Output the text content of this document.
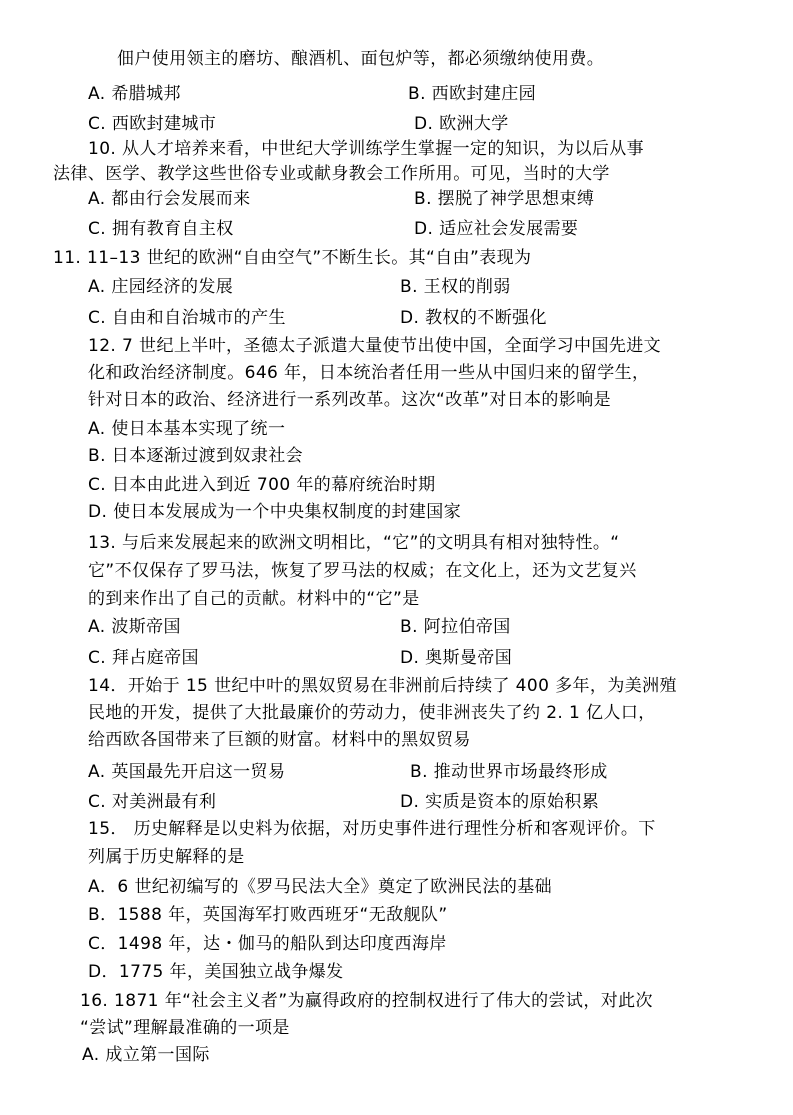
佃户使用领主的磨坊、酿酒机、面包炉等，都必须缴纳使用费。
A. 希腊城邦	B. 西欧封建庄园
C. 西欧封建城市	D. 欧洲大学
10. 从人才培养来看，中世纪大学训练学生掌握一定的知识，为以后从事
法律、医学、教学这些世俗专业或献身教会工作所用。可见，当时的大学
A. 都由行会发展而来	B. 摆脱了神学思想束缚
C. 拥有教育自主权	D. 适应社会发展需要
11. 11–13 世纪的欧洲“自由空气”不断生长。其“自由”表现为
A. 庄园经济的发展	B. 王权的削弱
C. 自由和自治城市的产生	D. 教权的不断强化
12. 7 世纪上半叶，圣德太子派遣大量使节出使中国，全面学习中国先进文
化和政治经济制度。646 年，日本统治者任用一些从中国归来的留学生，
针对日本的政治、经济进行一系列改革。这次“改革”对日本的影响是
A. 使日本基本实现了统一
B. 日本逐渐过渡到奴隶社会
C. 日本由此进入到近 700 年的幕府统治时期
D. 使日本发展成为一个中央集权制度的封建国家
13. 与后来发展起来的欧洲文明相比，“它”的文明具有相对独特性。“
它”不仅保存了罗马法，恢复了罗马法的权威；在文化上，还为文艺复兴
的到来作出了自己的贡献。材料中的“它”是
A. 波斯帝国	B. 阿拉伯帝国
C. 拜占庭帝国	D. 奥斯曼帝国
14．开始于 15 世纪中叶的黑奴贸易在非洲前后持续了 400 多年，为美洲殖
民地的开发，提供了大批最廉价的劳动力，使非洲丧失了约 2. 1 亿人口，
给西欧各国带来了巨额的财富。材料中的黑奴贸易
A. 英国最先开启这一贸易	B. 推动世界市场最终形成
C. 对美洲最有利	D. 实质是资本的原始积累
15． 历史解释是以史料为依据，对历史事件进行理性分析和客观评价。下
列属于历史解释的是
A．6 世纪初编写的《罗马民法大全》奠定了欧洲民法的基础
B．1588 年，英国海军打败西班牙“无敌舰队”
C．1498 年，达・伽马的船队到达印度西海岸
D．1775 年，美国独立战争爆发
16. 1871 年“社会主义者”为赢得政府的控制权进行了伟大的尝试，对此次
“尝试”理解最准确的一项是
A. 成立第一国际
